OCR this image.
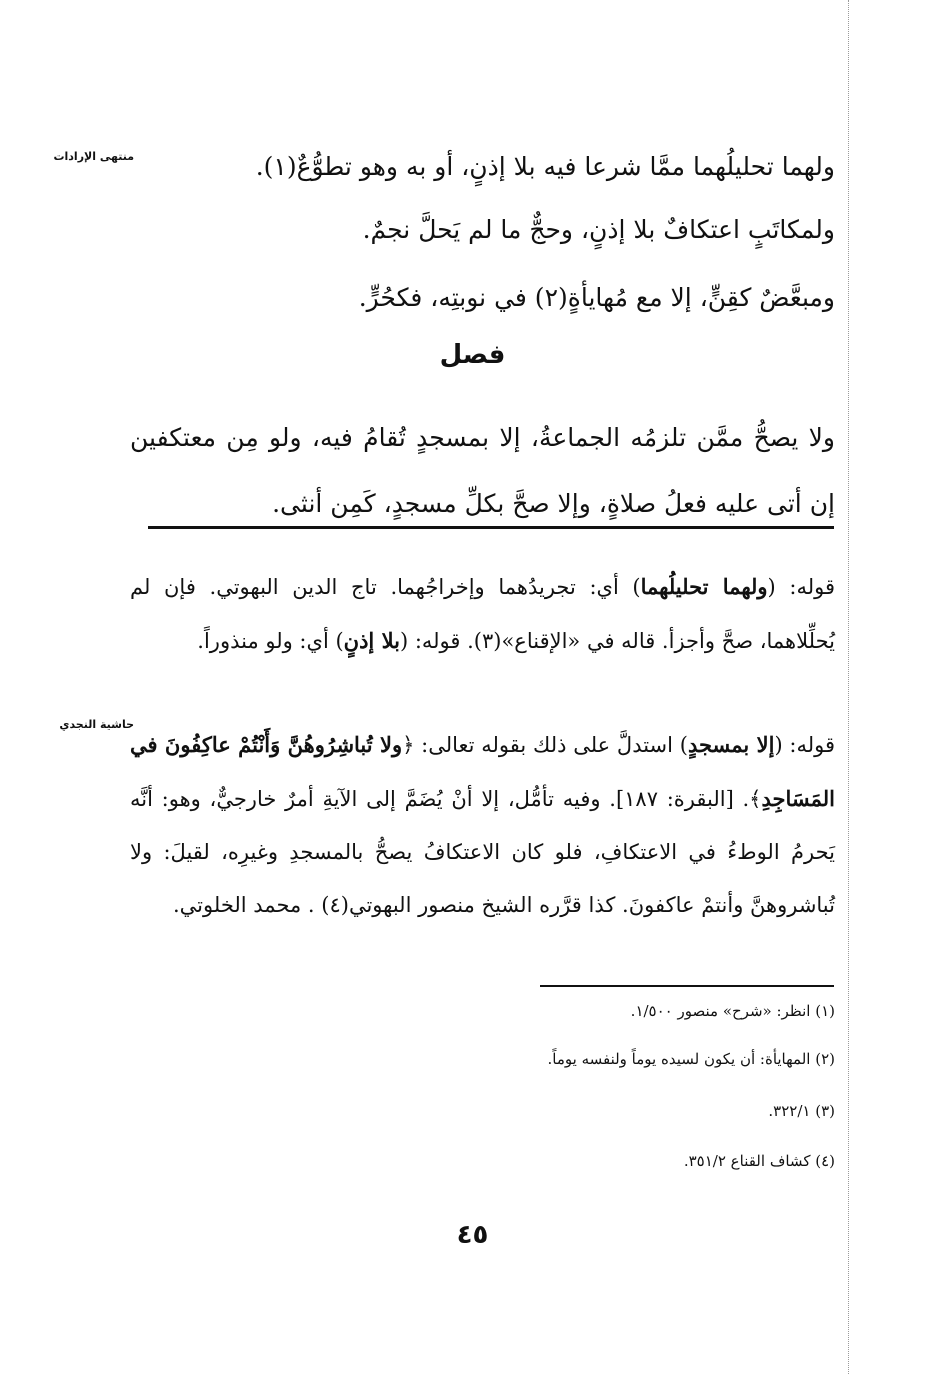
منتهى الإرادات
حاشية النجدي
ولهما تحليلُهما ممَّا شرعا فيه بلا إذنٍ، أو به وهو تطوُّعٌ(١).
ولمكاتَبٍ اعتكافٌ بلا إذنٍ، وحجٌّ ما لم يَحلَّ نجمٌ.
ومبعَّضٌ كقِنٍّ، إلا مع مُهايأةٍ(٢) في نوبتِه، فكحُرٍّ.
فصل
ولا يصحُّ ممَّن تلزمُه الجماعةُ، إلا بمسجدٍ تُقامُ فيه، ولو مِن معتكفين إن أتى عليه فعلُ صلاةٍ، وإلا صحَّ بكلِّ مسجدٍ، كَمِن أنثى.
قوله: (ولهما تحليلُهما) أي: تجريدُهما وإخراجُهما. تاج الدين البهوتي. فإن لم يُحلِّلاهما، صحَّ وأجزأ. قاله في «الإقناع»(٣). قوله: (بلا إذنٍ) أي: ولو منذوراً.
قوله: (إلا بمسجدٍ) استدلَّ على ذلك بقوله تعالى: ﴿ولا تُباشِرُوهُنَّ وَأَنْتُمْ عاكِفُونَ في المَسَاجِدِ﴾. [البقرة: ١٨٧]. وفيه تأمُّل، إلا أنْ يُضَمَّ إلى الآيةِ أمرٌ خارجيٌّ، وهو: أنَّه يَحرمُ الوطءُ في الاعتكافِ، فلو كان الاعتكافُ يصحُّ بالمسجدِ وغيرِه، لقيلَ: ولا تُباشروهنَّ وأنتمْ عاكفونَ. كذا قرَّره الشيخ منصور البهوتي(٤) . محمد الخلوتي.
(١) انظر: «شرح» منصور ١/٥٠٠.
(٢) المهايأة: أن يكون لسيده يوماً ولنفسه يوماً.
(٣) ٣٢٢/١.
(٤) كشاف القناع ٣٥١/٢.
٤٥
